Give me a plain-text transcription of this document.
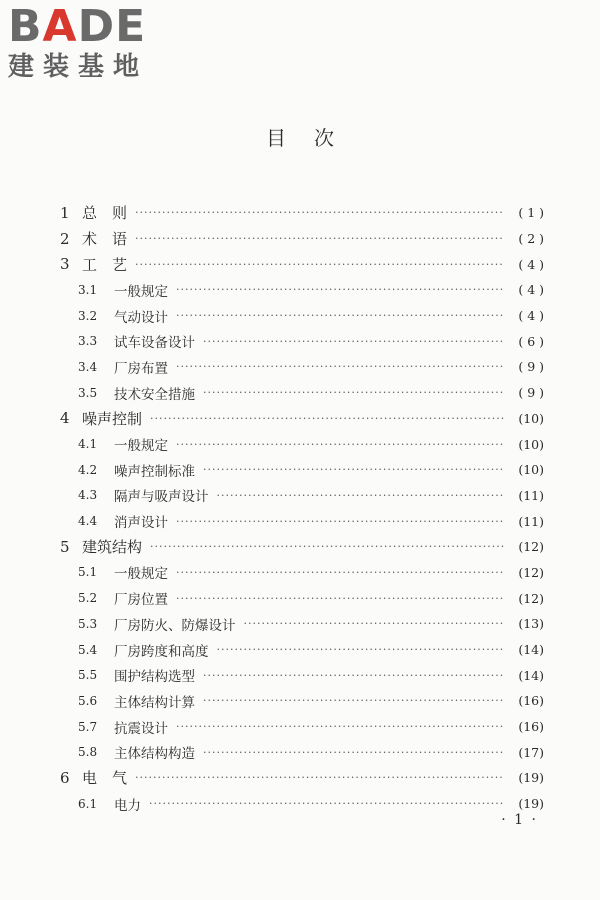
BADE
建装基地
目次
1 总　则 ·····	( 1 )
2 术　语 ·····	( 2 )
3 工　艺 ·····	( 4 )
3.1	一般规定 ·····	( 4 )
3.2	气动设计 ·····	( 4 )
3.3	试车设备设计 ·····	( 6 )
3.4	厂房布置 ·····	( 9 )
3.5	技术安全措施 ·····	( 9 )
4 噪声控制 ·····	(10)
4.1	一般规定 ·····	(10)
4.2	噪声控制标准 ·····	(10)
4.3	隔声与吸声设计 ·····	(11)
4.4	消声设计 ·····	(11)
5 建筑结构 ·····	(12)
5.1	一般规定 ·····	(12)
5.2	厂房位置 ·····	(12)
5.3	厂房防火、防爆设计 ·····	(13)
5.4	厂房跨度和高度 ·····	(14)
5.5	围护结构选型 ·····	(14)
5.6	主体结构计算 ·····	(16)
5.7	抗震设计 ·····	(16)
5.8	主体结构构造 ·····	(17)
6 电　气 ·····	(19)
6.1	电力 ·····	(19)
· 1 ·
